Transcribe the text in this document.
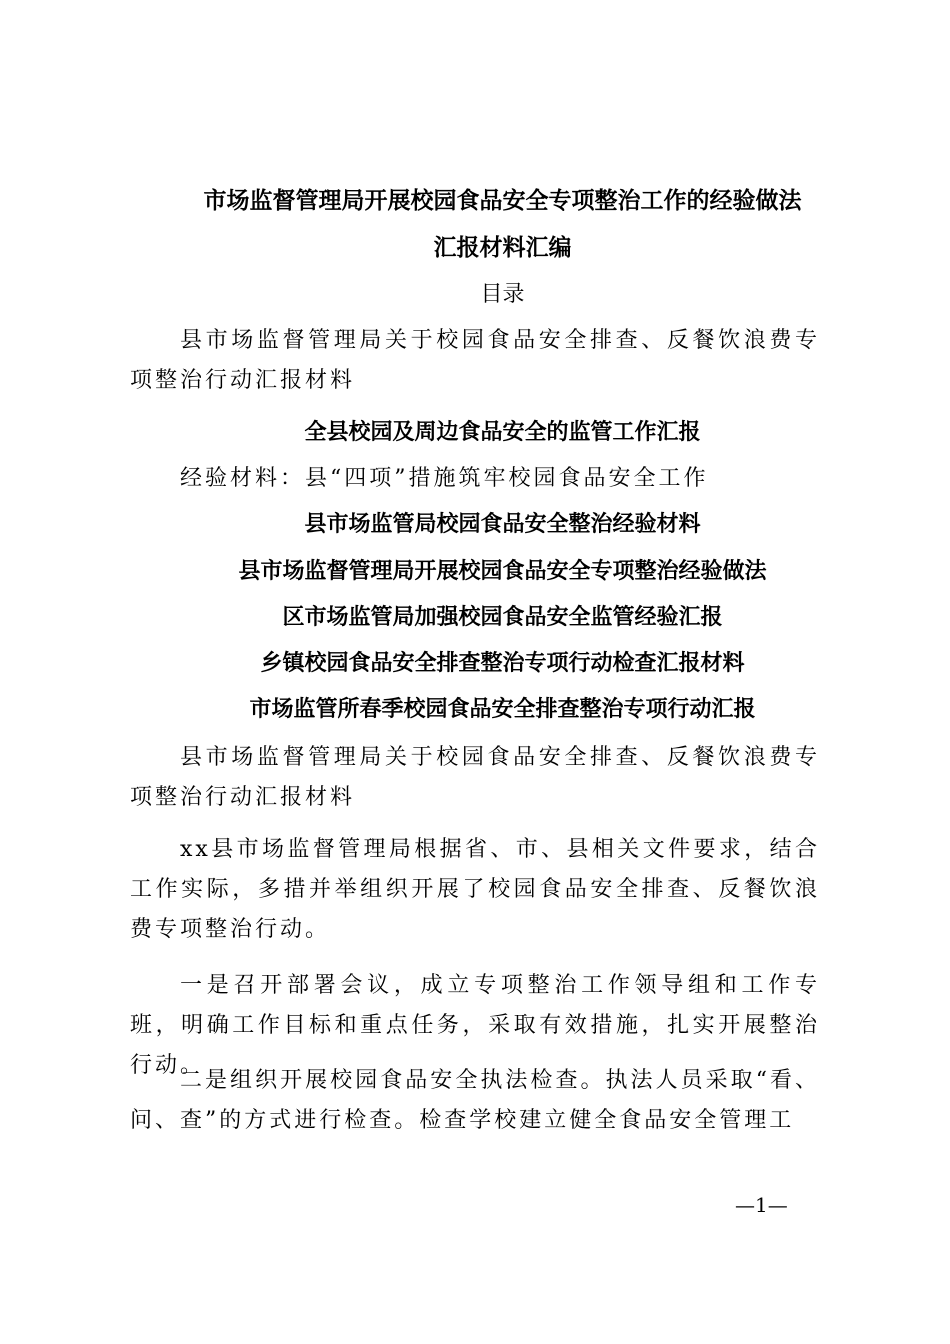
市场监督管理局开展校园食品安全专项整治工作的经验做法
汇报材料汇编
目录
县市场监督管理局关于校园食品安全排查、反餐饮浪费专项整治行动汇报材料
全县校园及周边食品安全的监管工作汇报
经验材料：县“四项”措施筑牢校园食品安全工作
县市场监管局校园食品安全整治经验材料
县市场监督管理局开展校园食品安全专项整治经验做法
区市场监管局加强校园食品安全监管经验汇报
乡镇校园食品安全排查整治专项行动检查汇报材料
市场监管所春季校园食品安全排查整治专项行动汇报
县市场监督管理局关于校园食品安全排查、反餐饮浪费专项整治行动汇报材料
xx县市场监督管理局根据省、市、县相关文件要求，结合工作实际，多措并举组织开展了校园食品安全排查、反餐饮浪费专项整治行动。
一是召开部署会议，成立专项整治工作领导组和工作专班，明确工作目标和重点任务，采取有效措施，扎实开展整治行动。
二是组织开展校园食品安全执法检查。执法人员采取“看、问、查”的方式进行检查。检查学校建立健全食品安全管理工
—1—
